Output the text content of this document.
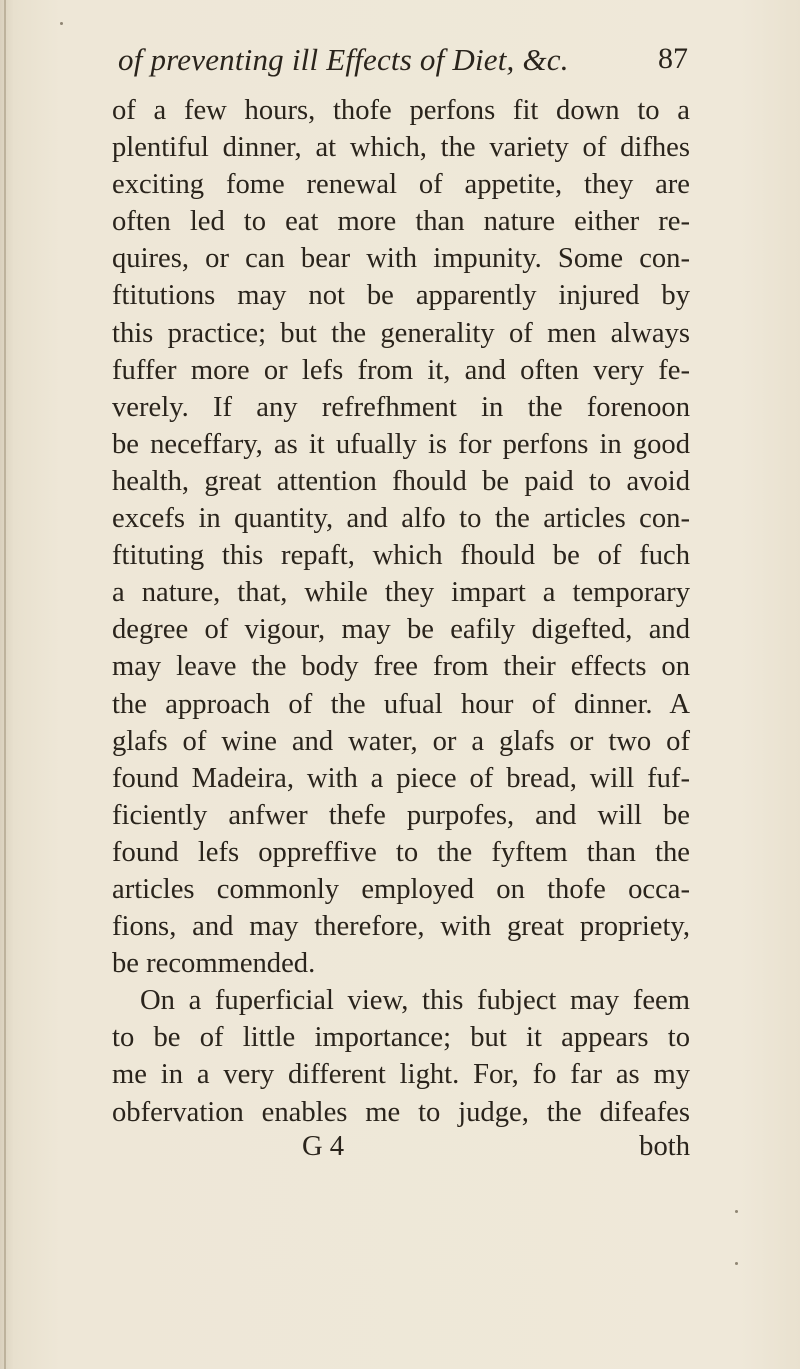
of preventing ill Effects of Diet, &c.	87
of a few hours, thofe perfons fit down to a
plentiful dinner, at which, the variety of difhes
exciting fome renewal of appetite, they are
often led to eat more than nature either re-
quires, or can bear with impunity. Some con-
ftitutions may not be apparently injured by
this practice; but the generality of men always
fuffer more or lefs from it, and often very fe-
verely. If any refrefhment in the forenoon
be neceffary, as it ufually is for perfons in good
health, great attention fhould be paid to avoid
excefs in quantity, and alfo to the articles con-
ftituting this repaft, which fhould be of fuch
a nature, that, while they impart a temporary
degree of vigour, may be eafily digefted, and
may leave the body free from their effects on
the approach of the ufual hour of dinner. A
glafs of wine and water, or a glafs or two of
found Madeira, with a piece of bread, will fuf-
ficiently anfwer thefe purpofes, and will be
found lefs oppreffive to the fyftem than the
articles commonly employed on thofe occa-
fions, and may therefore, with great propriety,
be recommended.
On a fuperficial view, this fubject may feem
to be of little importance; but it appears to
me in a very different light. For, fo far as my
obfervation enables me to judge, the difeafes
G 4	both
